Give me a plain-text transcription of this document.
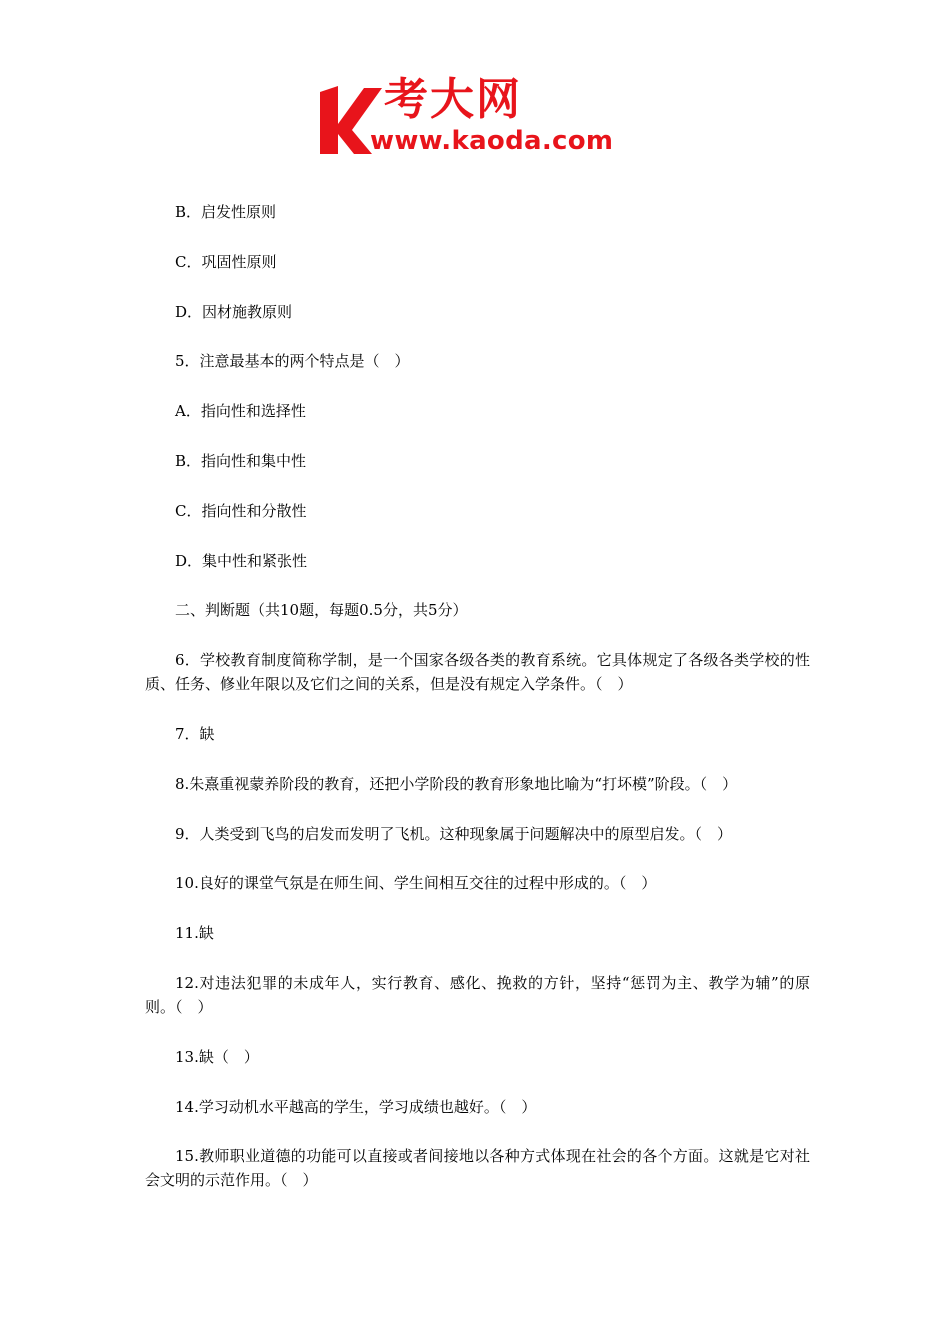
考大网
www.kaoda.com

B．启发性原则

C．巩固性原则

D．因材施教原则

5．注意最基本的两个特点是（　）

A．指向性和选择性

B．指向性和集中性

C．指向性和分散性

D．集中性和紧张性

二、判断题（共10题，每题0.5分，共5分）

6．学校教育制度简称学制，是一个国家各级各类的教育系统。它具体规定了各级各类学校的性质、任务、修业年限以及它们之间的关系，但是没有规定入学条件。（　）

7．缺

8.朱熹重视蒙养阶段的教育，还把小学阶段的教育形象地比喻为“打坏模”阶段。（　）

9．人类受到飞鸟的启发而发明了飞机。这种现象属于问题解决中的原型启发。（　）

10.良好的课堂气氛是在师生间、学生间相互交往的过程中形成的。（　）

11.缺

12.对违法犯罪的未成年人，实行教育、感化、挽救的方针，坚持“惩罚为主、教学为辅”的原则。（　）

13.缺（　）

14.学习动机水平越高的学生，学习成绩也越好。（　）

15.教师职业道德的功能可以直接或者间接地以各种方式体现在社会的各个方面。这就是它对社会文明的示范作用。（　）
